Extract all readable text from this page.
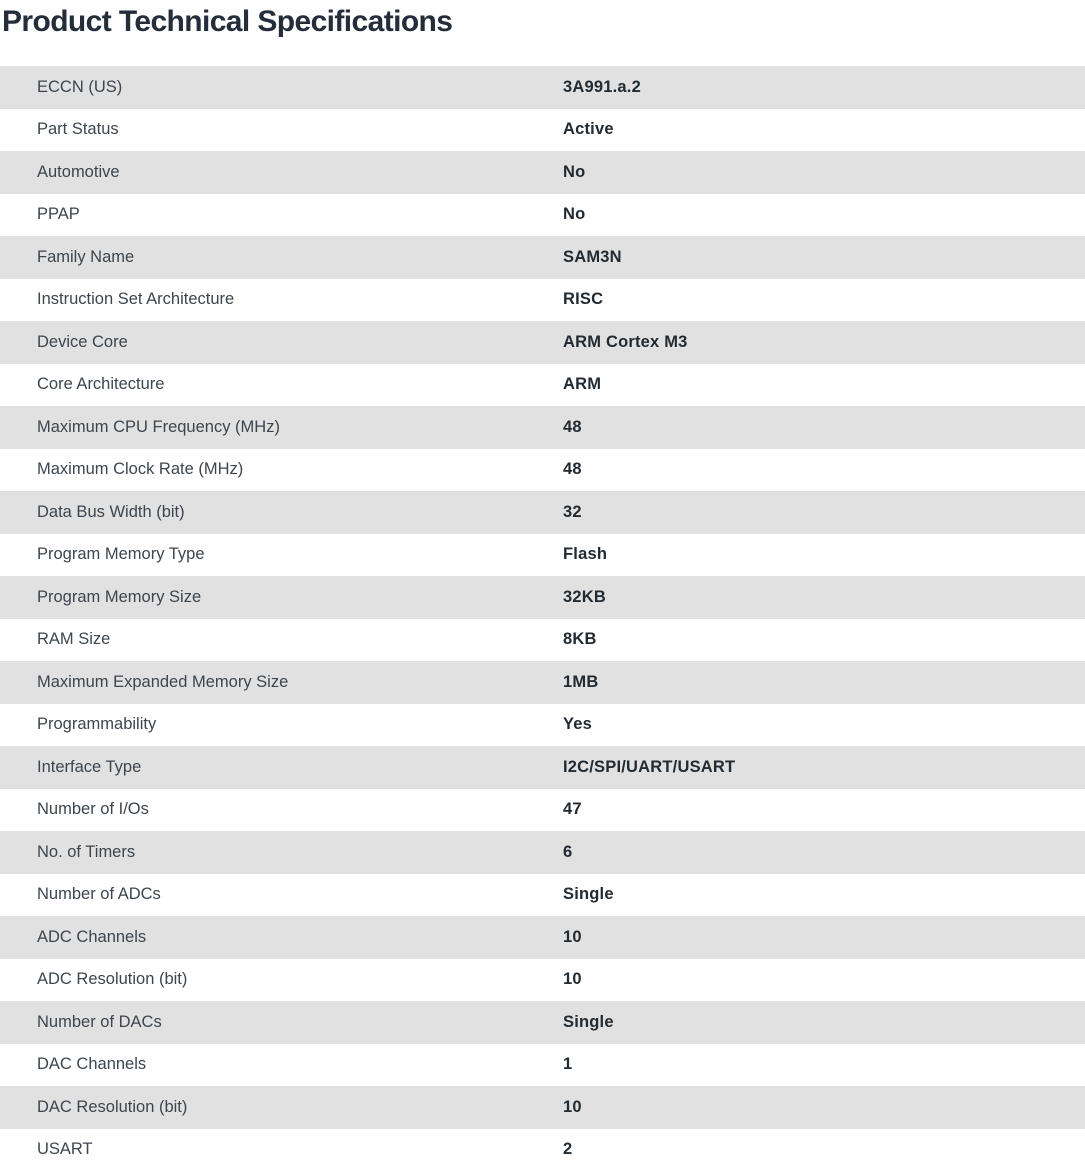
Product Technical Specifications
ECCN (US)	3A991.a.2
Part Status	Active
Automotive	No
PPAP	No
Family Name	SAM3N
Instruction Set Architecture	RISC
Device Core	ARM Cortex M3
Core Architecture	ARM
Maximum CPU Frequency (MHz)	48
Maximum Clock Rate (MHz)	48
Data Bus Width (bit)	32
Program Memory Type	Flash
Program Memory Size	32KB
RAM Size	8KB
Maximum Expanded Memory Size	1MB
Programmability	Yes
Interface Type	I2C/SPI/UART/USART
Number of I/Os	47
No. of Timers	6
Number of ADCs	Single
ADC Channels	10
ADC Resolution (bit)	10
Number of DACs	Single
DAC Channels	1
DAC Resolution (bit)	10
USART	2
